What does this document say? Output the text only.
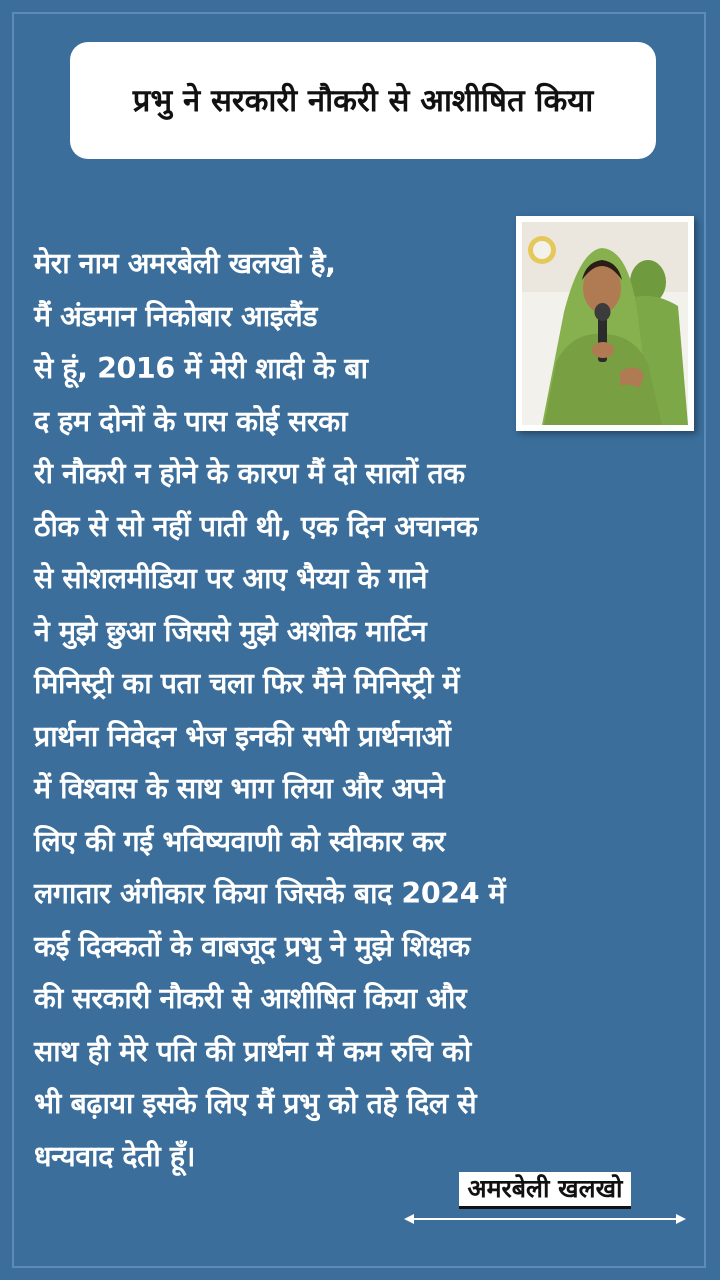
प्रभु ने सरकारी नौकरी से आशीषित किया
मेरा नाम अमरबेली खलखो है,
मैं अंडमान निकोबार आइलैंड
से हूं, 2016 में मेरी शादी के बा
द हम दोनों के पास कोई सरका
री नौकरी न होने के कारण मैं दो सालों तक
ठीक से सो नहीं पाती थी, एक दिन अचानक
से सोशलमीडिया पर आए भैय्या के गाने
ने मुझे छुआ जिससे मुझे अशोक मार्टिन
मिनिस्ट्री का पता चला फिर मैंने मिनिस्ट्री में
प्रार्थना निवेदन भेज इनकी सभी प्रार्थनाओं
में विश्वास के साथ भाग लिया और अपने
लिए की गई भविष्यवाणी को स्वीकार कर
लगातार अंगीकार किया जिसके बाद 2024 में
कई दिक्कतों के वाबजूद प्रभु ने मुझे शिक्षक
की सरकारी नौकरी से आशीषित किया और
साथ ही मेरे पति की प्रार्थना में कम रुचि को
भी बढ़ाया इसके लिए मैं प्रभु को तहे दिल से
धन्यवाद देती हूँ।
अमरबेली खलखो
